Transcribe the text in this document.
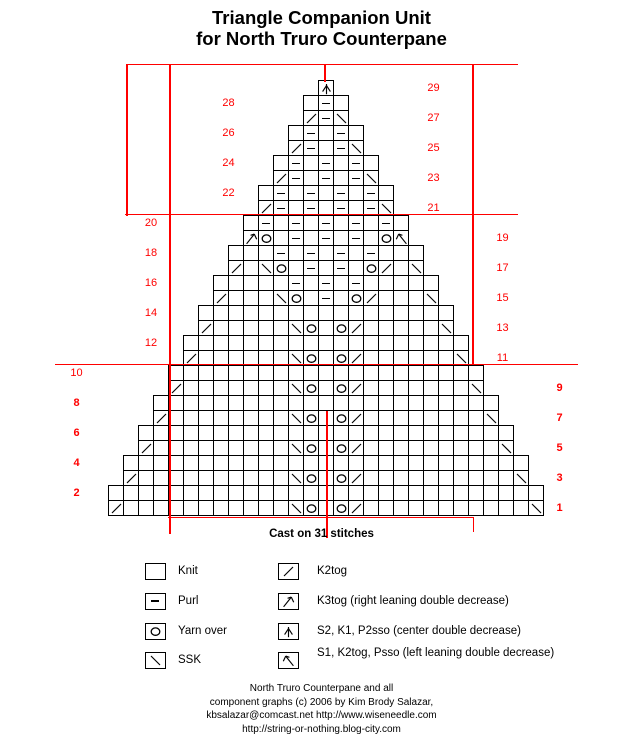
Triangle Companion Unit
for North Truro Counterpane
28
26
24
22
20
18
16
14
12
10
8
6
4
2
29
27
25
23
21
19
17
15
13
11
9
7
5
3
1
Cast on 31 stitches
Knit
Purl
Yarn over
SSK
K2tog
K3tog (right leaning double decrease)
S2, K1, P2sso (center double decrease)
S1, K2tog, Psso (left leaning double decrease)
North Truro Counterpane and all
component graphs (c) 2006 by Kim Brody Salazar,
kbsalazar@comcast.net http://www.wiseneedle.com
http://string-or-nothing.blog-city.com
